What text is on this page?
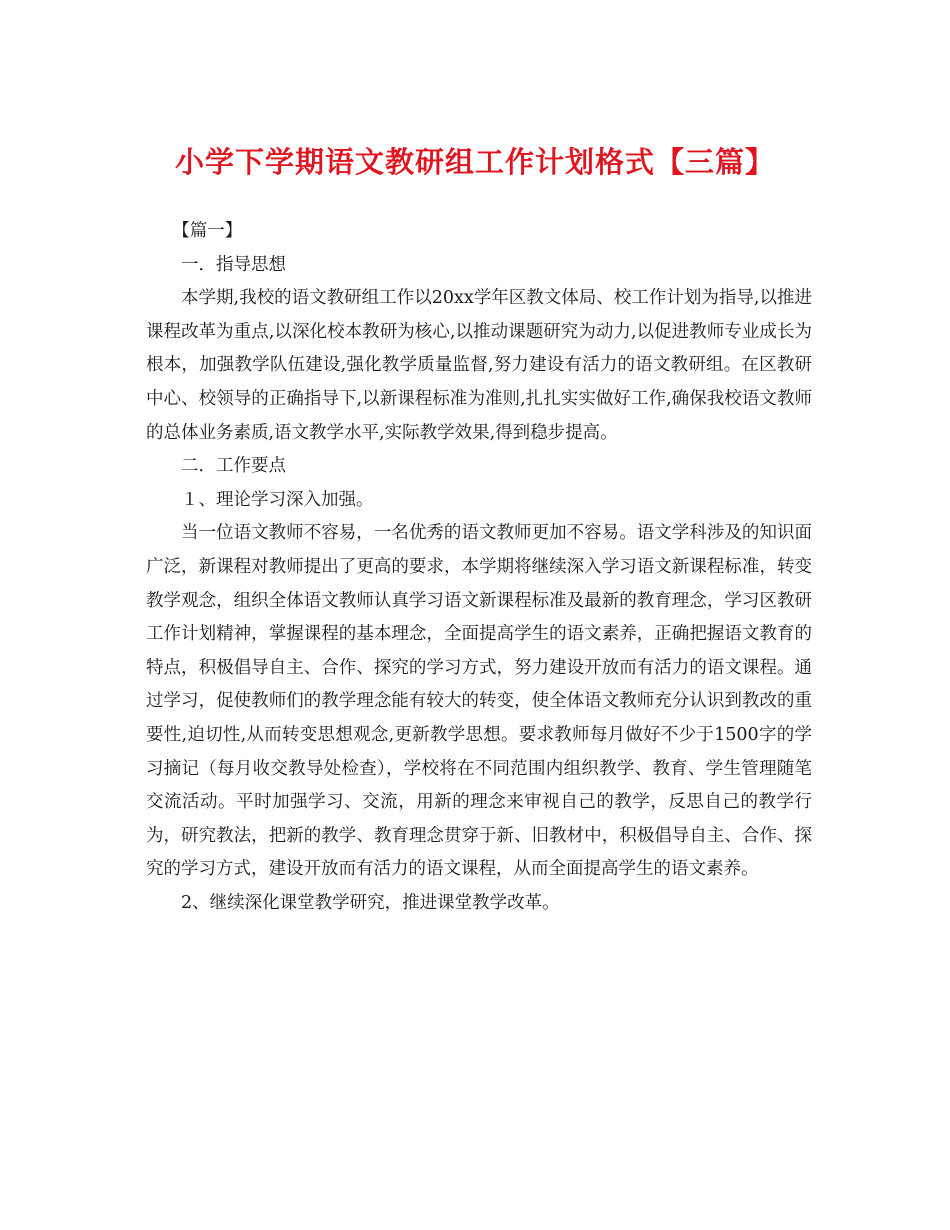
小学下学期语文教研组工作计划格式【三篇】

【篇一】

一．指导思想

本学期,我校的语文教研组工作以20xx学年区教文体局、校工作计划为指导,以推进课程改革为重点,以深化校本教研为核心,以推动课题研究为动力,以促进教师专业成长为根本，加强教学队伍建设,强化教学质量监督,努力建设有活力的语文教研组。在区教研中心、校领导的正确指导下,以新课程标准为准则,扎扎实实做好工作,确保我校语文教师的总体业务素质,语文教学水平,实际教学效果,得到稳步提高。

二．工作要点

１、理论学习深入加强。

当一位语文教师不容易，一名优秀的语文教师更加不容易。语文学科涉及的知识面广泛，新课程对教师提出了更高的要求，本学期将继续深入学习语文新课程标准，转变教学观念，组织全体语文教师认真学习语文新课程标准及最新的教育理念，学习区教研工作计划精神，掌握课程的基本理念，全面提高学生的语文素养，正确把握语文教育的特点，积极倡导自主、合作、探究的学习方式，努力建设开放而有活力的语文课程。通过学习，促使教师们的教学理念能有较大的转变，使全体语文教师充分认识到教改的重要性,迫切性,从而转变思想观念,更新教学思想。要求教师每月做好不少于1500字的学习摘记（每月收交教导处检查），学校将在不同范围内组织教学、教育、学生管理随笔交流活动。平时加强学习、交流，用新的理念来审视自己的教学，反思自己的教学行为，研究教法，把新的教学、教育理念贯穿于新、旧教材中，积极倡导自主、合作、探究的学习方式，建设开放而有活力的语文课程，从而全面提高学生的语文素养。

2、继续深化课堂教学研究，推进课堂教学改革。
